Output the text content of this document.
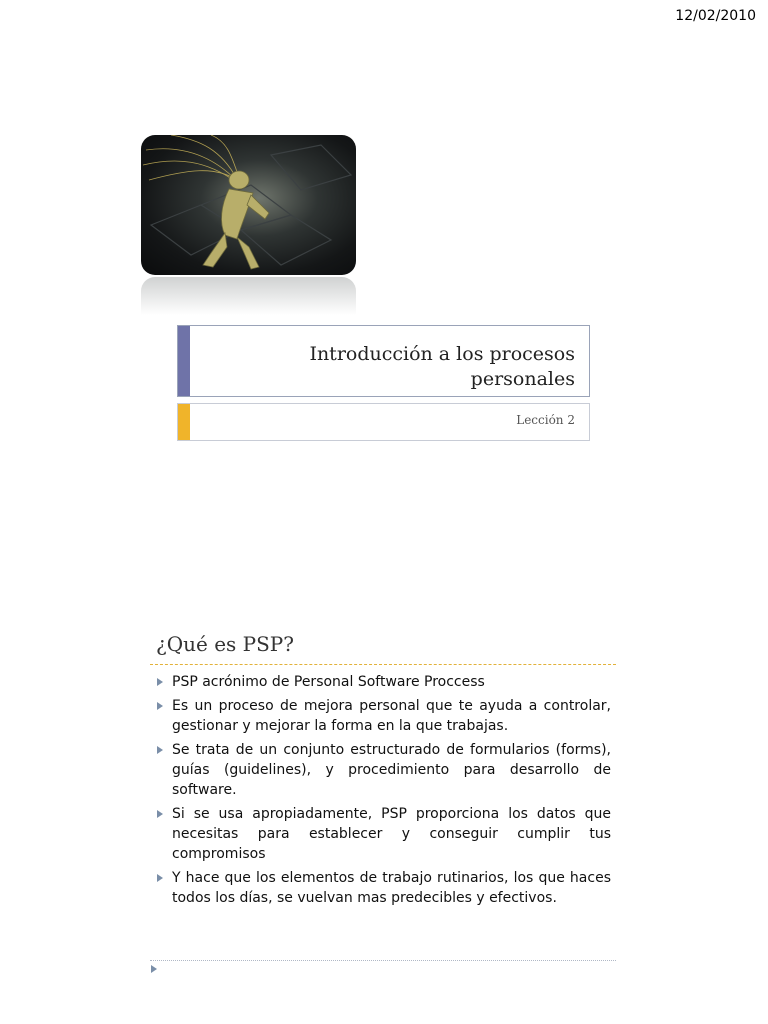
12/02/2010
Introducción a los procesos personales
Lección 2
¿Qué es PSP?
PSP acrónimo de Personal Software Proccess
Es un proceso de mejora personal que te ayuda a controlar, gestionar y mejorar la forma en la que trabajas.
Se trata de un conjunto estructurado de formularios (forms), guías (guidelines), y procedimiento para desarrollo de software.
Si se usa apropiadamente, PSP proporciona los datos que necesitas para establecer y conseguir cumplir tus compromisos
Y hace que los elementos de trabajo rutinarios, los que haces todos los días, se vuelvan mas predecibles y efectivos.
